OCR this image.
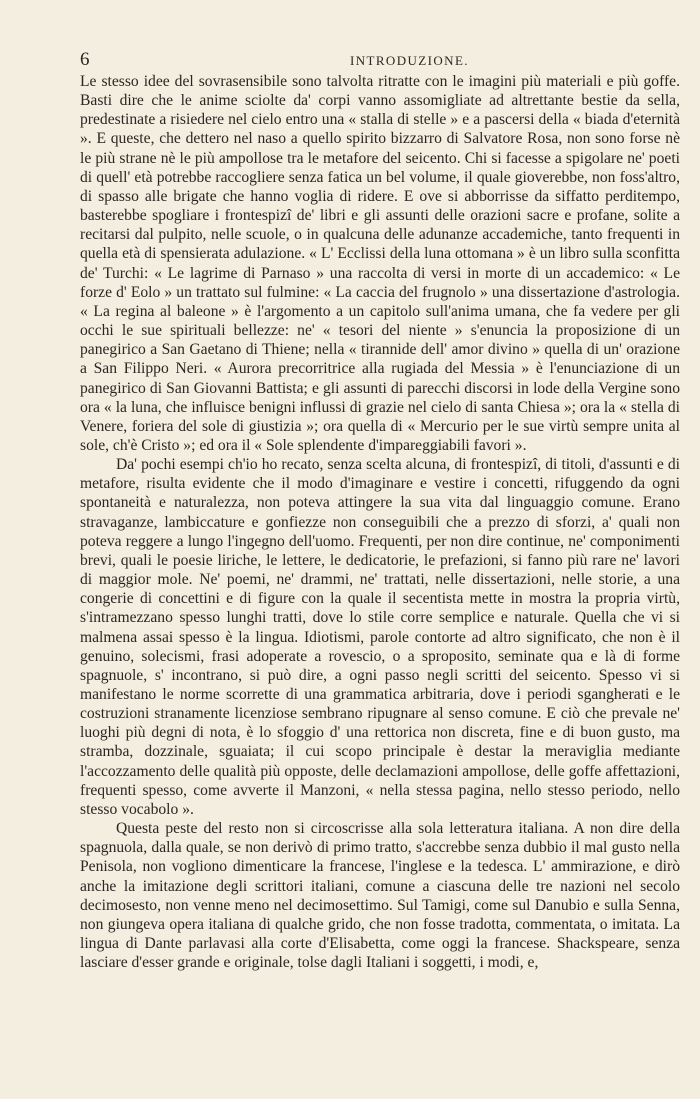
6	INTRODUZIONE.

Le stesso idee del sovrasensibile sono talvolta ritratte con le imagini più materiali e più goffe. Basti dire che le anime sciolte da' corpi vanno assomigliate ad altrettante bestie da sella, predestinate a risiedere nel cielo entro una « stalla di stelle » e a pascersi della « biada d'eternità ». E queste, che dettero nel naso a quello spirito bizzarro di Salvatore Rosa, non sono forse nè le più strane nè le più ampollose tra le metafore del seicento. Chi si facesse a spigolare ne' poeti di quell' età potrebbe raccogliere senza fatica un bel volume, il quale gioverebbe, non foss'altro, di spasso alle brigate che hanno voglia di ridere. E ove si abborrisse da siffatto perditempo, basterebbe spogliare i frontespizî de' libri e gli assunti delle orazioni sacre e profane, solite a recitarsi dal pulpito, nelle scuole, o in qualcuna delle adunanze accademiche, tanto frequenti in quella età di spensierata adulazione. « L' Ecclissi della luna ottomana » è un libro sulla sconfitta de' Turchi: « Le lagrime di Parnaso » una raccolta di versi in morte di un accademico: « Le forze d' Eolo » un trattato sul fulmine: « La caccia del frugnolo » una dissertazione d'astrologia. « La regina al baleone » è l'argomento a un capitolo sull'anima umana, che fa vedere per gli occhi le sue spirituali bellezze: ne' « tesori del niente » s'enuncia la proposizione di un panegirico a San Gaetano di Thiene; nella « tirannide dell' amor divino » quella di un' orazione a San Filippo Neri. « Aurora precorritrice alla rugiada del Messia » è l'enunciazione di un panegirico di San Giovanni Battista; e gli assunti di parecchi discorsi in lode della Vergine sono ora « la luna, che influisce benigni influssi di grazie nel cielo di santa Chiesa »; ora la « stella di Venere, foriera del sole di giustizia »; ora quella di « Mercurio per le sue virtù sempre unita al sole, ch'è Cristo »; ed ora il « Sole splendente d'impareggiabili favori ».

Da' pochi esempi ch'io ho recato, senza scelta alcuna, di frontespizî, di titoli, d'assunti e di metafore, risulta evidente che il modo d'imaginare e vestire i concetti, rifuggendo da ogni spontaneità e naturalezza, non poteva attingere la sua vita dal linguaggio comune. Erano stravaganze, lambiccature e gonfiezze non conseguibili che a prezzo di sforzi, a' quali non poteva reggere a lungo l'ingegno dell'uomo. Frequenti, per non dire continue, ne' componimenti brevi, quali le poesie liriche, le lettere, le dedicatorie, le prefazioni, si fanno più rare ne' lavori di maggior mole. Ne' poemi, ne' drammi, ne' trattati, nelle dissertazioni, nelle storie, a una congerie di concettini e di figure con la quale il secentista mette in mostra la propria virtù, s'intramezzano spesso lunghi tratti, dove lo stile corre semplice e naturale. Quella che vi si malmena assai spesso è la lingua. Idiotismi, parole contorte ad altro significato, che non è il genuino, solecismi, frasi adoperate a rovescio, o a sproposito, seminate qua e là di forme spagnuole, s' incontrano, si può dire, a ogni passo negli scritti del seicento. Spesso vi si manifestano le norme scorrette di una grammatica arbitraria, dove i periodi sgangherati e le costruzioni stranamente licenziose sembrano ripugnare al senso comune. E ciò che prevale ne' luoghi più degni di nota, è lo sfoggio d' una rettorica non discreta, fine e di buon gusto, ma stramba, dozzinale, sguaiata; il cui scopo principale è destar la meraviglia mediante l'accozzamento delle qualità più opposte, delle declamazioni ampollose, delle goffe affettazioni, frequenti spesso, come avverte il Manzoni, « nella stessa pagina, nello stesso periodo, nello stesso vocabolo ».

Questa peste del resto non si circoscrisse alla sola letteratura italiana. A non dire della spagnuola, dalla quale, se non derivò di primo tratto, s'accrebbe senza dubbio il mal gusto nella Penisola, non vogliono dimenticare la francese, l'inglese e la tedesca. L' ammirazione, e dirò anche la imitazione degli scrittori italiani, comune a ciascuna delle tre nazioni nel secolo decimosesto, non venne meno nel decimosettimo. Sul Tamigi, come sul Danubio e sulla Senna, non giungeva opera italiana di qualche grido, che non fosse tradotta, commentata, o imitata. La lingua di Dante parlavasi alla corte d'Elisabetta, come oggi la francese. Shackspeare, senza lasciare d'esser grande e originale, tolse dagli Italiani i soggetti, i modi, e,
